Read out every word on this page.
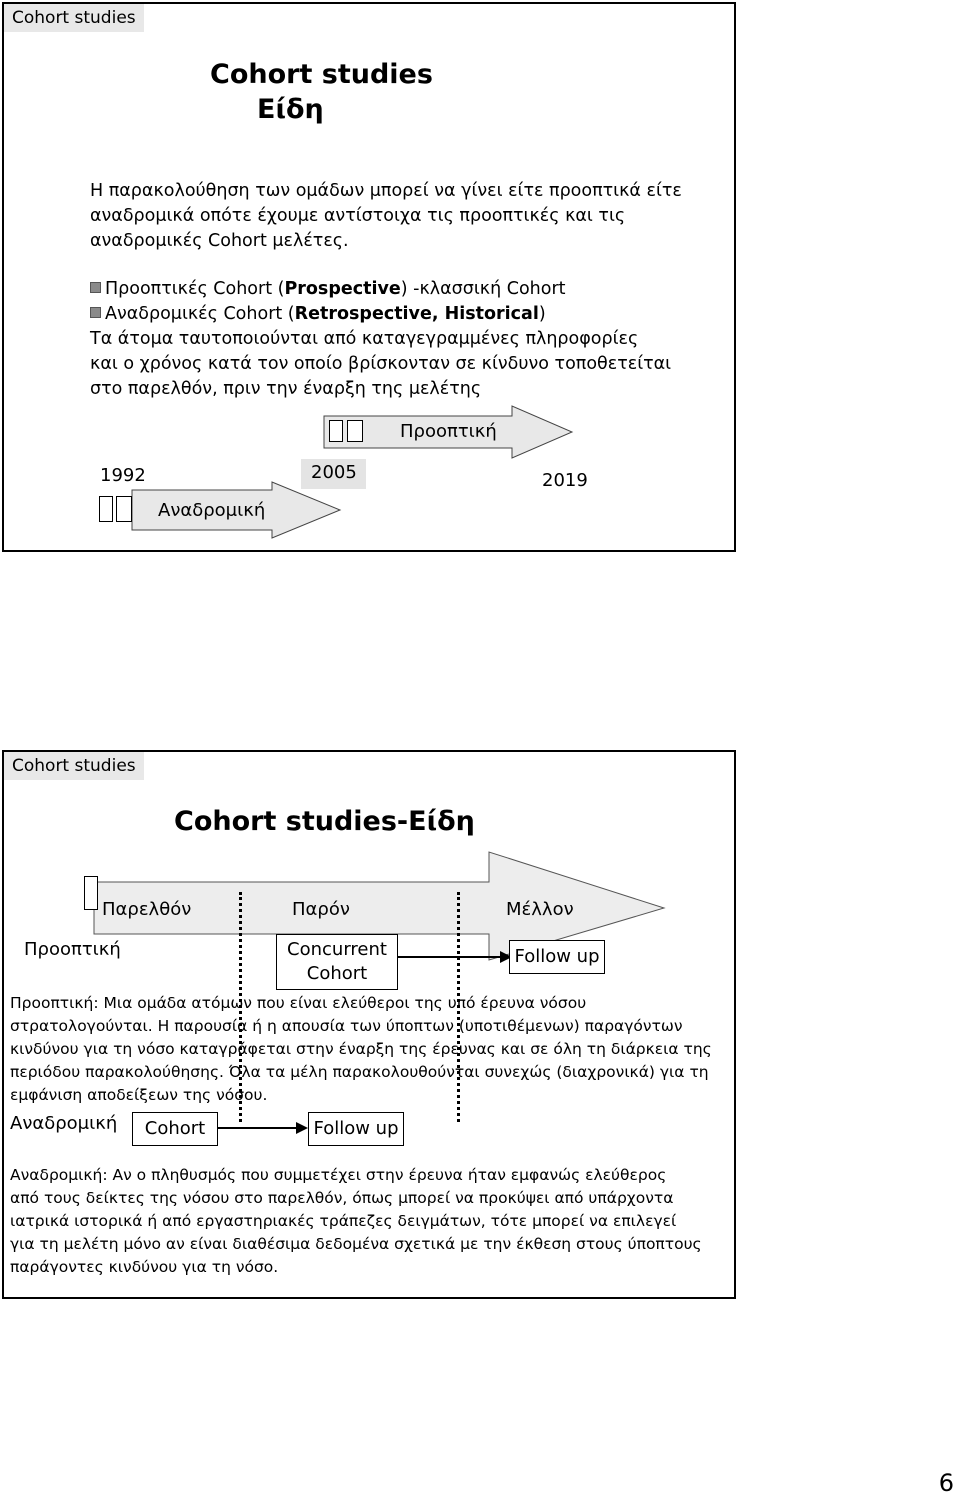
Cohort studies
Cohort studies
Είδη
Η παρακολούθηση των ομάδων μπορεί να γίνει είτε προοπτικά είτε
αναδρομικά οπότε έχουμε αντίστοιχα τις προοπτικές και τις
αναδρομικές Cohort μελέτες.
Προοπτικές Cohort (Prospective) -κλασσική Cohort
Αναδρομικές Cohort (Retrospective, Historical)
Τα άτομα ταυτοποιούνται από καταγεγραμμένες πληροφορίες
και ο χρόνος κατά τον οποίο βρίσκονταν σε κίνδυνο τοποθετείται
στο παρελθόν, πριν την έναρξη της μελέτης
Προοπτική
1992	2005	2019
Αναδρομική
Cohort studies
Cohort studies-Είδη
Παρελθόν	Παρόν	Μέλλον
Προοπτική	Concurrent
Cohort
Follow up
Προοπτική: Μια ομάδα ατόμων που είναι ελεύθεροι της υπό έρευνα νόσου
στρατολογούνται. Η παρουσία ή η απουσία των ύποπτων (υποτιθέμενων) παραγόντων
κινδύνου για τη νόσο καταγράφεται στην έναρξη της έρευνας και σε όλη τη διάρκεια της
περιόδου παρακολούθησης. Όλα τα μέλη παρακολουθούνται συνεχώς (διαχρονικά) για τη
εμφάνιση αποδείξεων της νόσου.
Αναδρομική	Cohort	Follow up
Αναδρομική: Αν ο πληθυσμός που συμμετέχει στην έρευνα ήταν εμφανώς ελεύθερος
από τους δείκτες της νόσου στο παρελθόν, όπως μπορεί να προκύψει από υπάρχοντα
ιατρικά ιστορικά ή από εργαστηριακές τράπεζες δειγμάτων, τότε μπορεί να επιλεγεί
για τη μελέτη μόνο αν είναι διαθέσιμα δεδομένα σχετικά με την έκθεση στους ύποπτους
παράγοντες κινδύνου για τη νόσο.
6
